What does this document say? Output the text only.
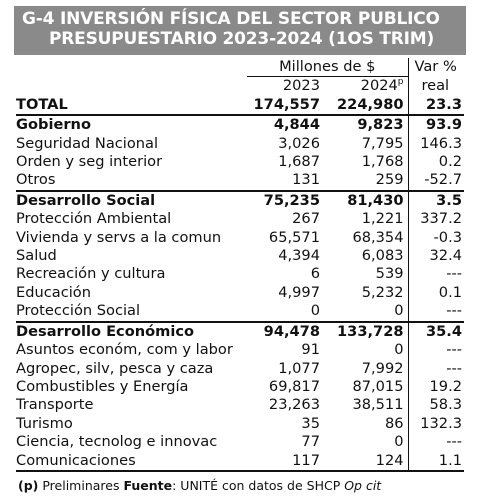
G-4 INVERSIÓN FÍSICA DEL SECTOR PUBLICO
PRESUPUESTARIO 2023-2024 (1OS TRIM)
	Millones de $		Var %
	2023	2024$^p$	real
TOTAL	174,557	224,980	23.3
Gobierno	4,844	9,823	93.9
Seguridad Nacional	3,026	7,795	146.3
Orden y seg interior	1,687	1,768	0.2
Otros	131	259	-52.7
Desarrollo Social	75,235	81,430	3.5
Protección Ambiental	267	1,221	337.2
Vivienda y servs a la comun	65,571	68,354	-0.3
Salud	4,394	6,083	32.4
Recreación y cultura	6	539	---
Educación	4,997	5,232	0.1
Protección Social	0	0	---
Desarrollo Económico	94,478	133,728	35.4
Asuntos económ, com y labor	91	0	---
Agropec, silv, pesca y caza	1,077	7,992	---
Combustibles y Energía	69,817	87,015	19.2
Transporte	23,263	38,511	58.3
Turismo	35	86	132.3
Ciencia, tecnolog e innovac	77	0	---
Comunicaciones	117	124	1.1
(p) Preliminares Fuente: UNITÉ con datos de SHCP Op cit
